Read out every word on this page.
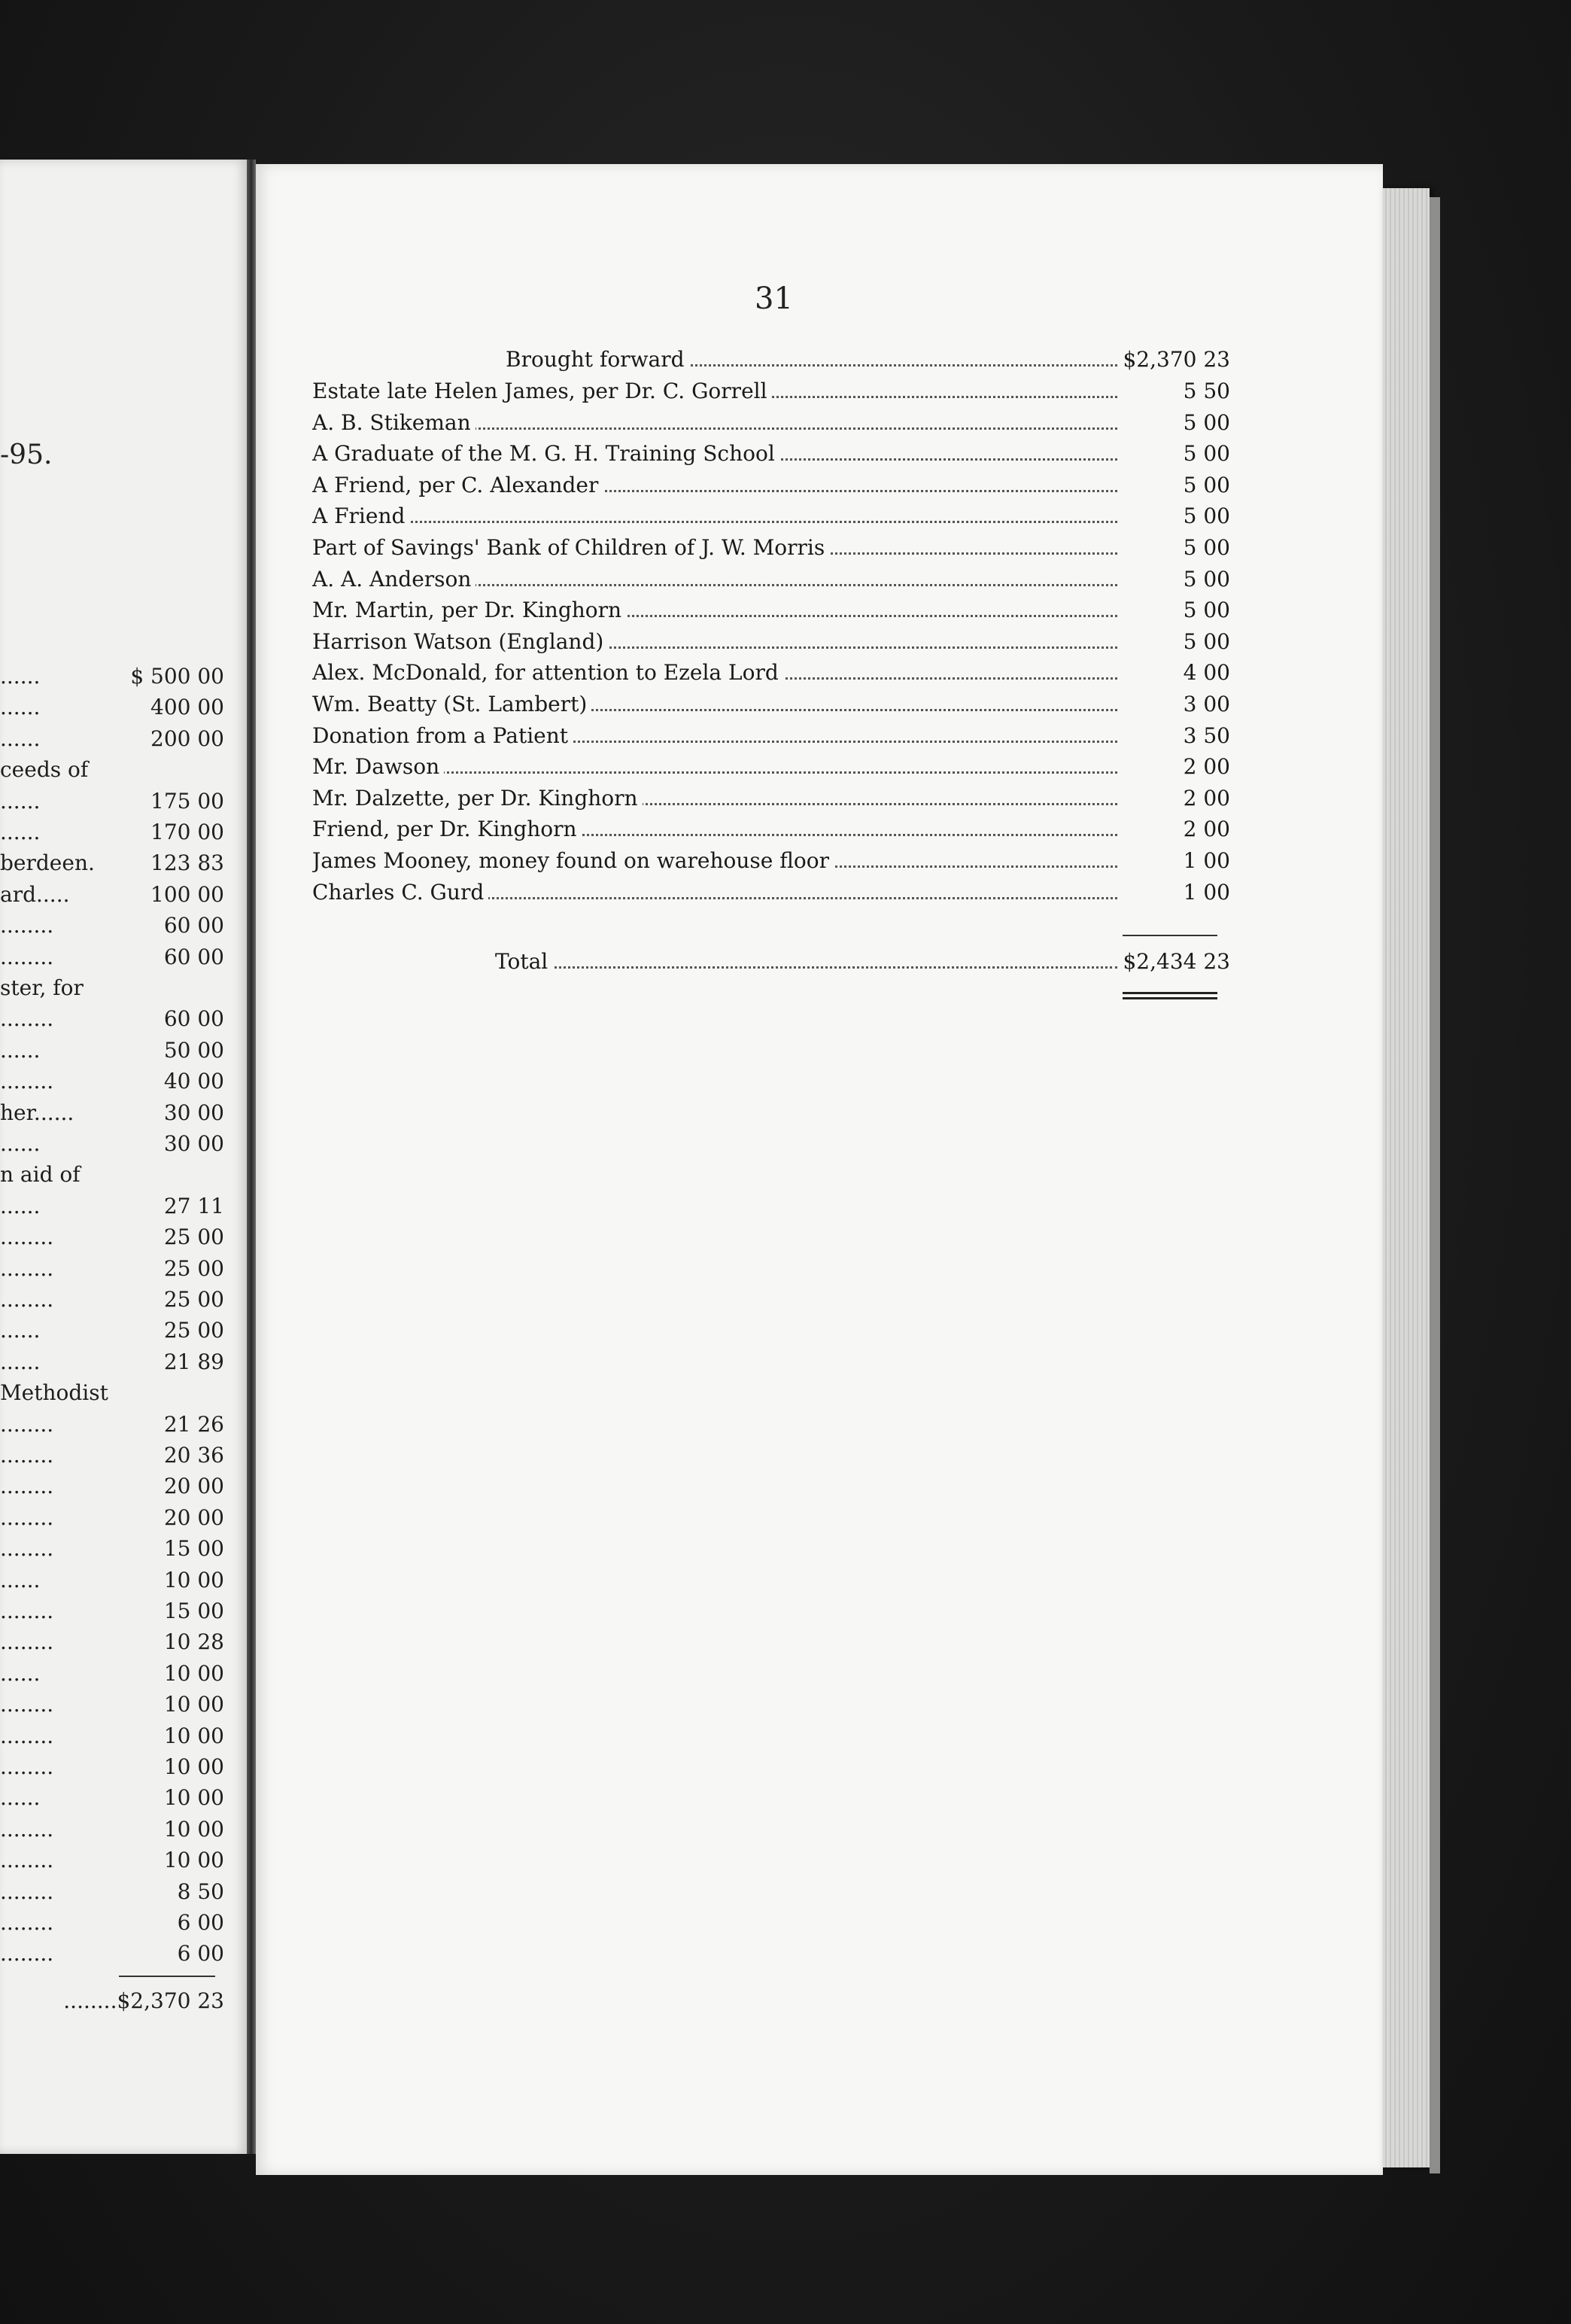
-95.
......	$ 500 00
......	400 00
......	200 00
ceeds of
......	175 00
......	170 00
berdeen.	123 83
ard.....	100 00
........	60 00
........	60 00
ster, for
........	60 00
......	50 00
........	40 00
her......	30 00
......	30 00
n aid of
......	27 11
........	25 00
........	25 00
........	25 00
......	25 00
......	21 89
Methodist
........	21 26
........	20 36
........	20 00
........	20 00
........	15 00
......	10 00
........	15 00
........	10 28
......	10 00
........	10 00
........	10 00
........	10 00
......	10 00
........	10 00
........	10 00
........	8 50
........	6 00
........	6 00
........$2,370 23
31
Brought forward	$2,370 23
Estate late Helen James, per Dr. C. Gorrell	5 50
A. B. Stikeman	5 00
A Graduate of the M. G. H. Training School	5 00
A Friend, per C. Alexander	5 00
A Friend	5 00
Part of Savings' Bank of Children of J. W. Morris	5 00
A. A. Anderson	5 00
Mr. Martin, per Dr. Kinghorn	5 00
Harrison Watson (England)	5 00
Alex. McDonald, for attention to Ezela Lord	4 00
Wm. Beatty (St. Lambert)	3 00
Donation from a Patient	3 50
Mr. Dawson	2 00
Mr. Dalzette, per Dr. Kinghorn	2 00
Friend, per Dr. Kinghorn	2 00
James Mooney, money found on warehouse floor	1 00
Charles C. Gurd	1 00
Total	$2,434 23
